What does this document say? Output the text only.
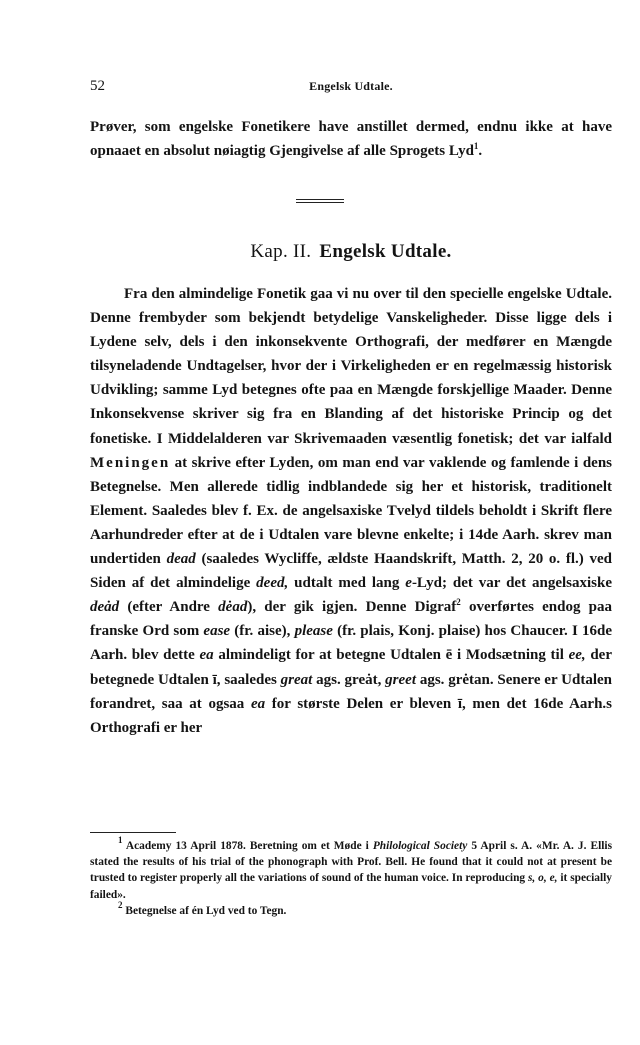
52	Engelsk Udtale.

Prøver, som engelske Fonetikere have anstillet dermed, endnu ikke at have opnaaet en absolut nøiagtig Gjengivelse af alle Sprogets Lyd$^1$.

Kap. II. Engelsk Udtale.

Fra den almindelige Fonetik gaa vi nu over til den specielle engelske Udtale. Denne frembyder som bekjendt betydelige Vanskeligheder. Disse ligge dels i Lydene selv, dels i den inkonsekvente Orthografi, der medfører en Mængde tilsyneladende Undtagelser, hvor der i Virkeligheden er en regelmæssig historisk Udvikling; samme Lyd betegnes ofte paa en Mængde forskjellige Maader. Denne Inkonsekvense skriver sig fra en Blanding af det historiske Princip og det fonetiske. I Middelalderen var Skrivemaaden væsentlig fonetisk; det var ialfald Meningen at skrive efter Lyden, om man end var vaklende og famlende i dens Betegnelse. Men allerede tidlig indblandede sig her et historisk, traditionelt Element. Saaledes blev f. Ex. de angelsaxiske Tvelyd tildels beholdt i Skrift flere Aarhundreder efter at de i Udtalen vare blevne enkelte; i 14de Aarh. skrev man undertiden dead (saaledes Wycliffe, ældste Haandskrift, Matth. 2, 20 o. fl.) ved Siden af det almindelige deed, udtalt med lang e-Lyd; det var det angelsaxiske deȧd (efter Andre dėad), der gik igjen. Denne Digraf$^2$ overførtes endog paa franske Ord som ease (fr. aise), please (fr. plais, Konj. plaise) hos Chaucer. I 16de Aarh. blev dette ea almindeligt for at betegne Udtalen ē i Modsætning til ee, der betegnede Udtalen ī, saaledes great ags. greȧt, greet ags. grėtan. Senere er Udtalen forandret, saa at ogsaa ea for største Delen er bleven ī, men det 16de Aarh.s Orthografi er her

$^1$ Academy 13 April 1878. Beretning om et Møde i Philological Society 5 April s. A. «Mr. A. J. Ellis stated the results of his trial of the phonograph with Prof. Bell. He found that it could not at present be trusted to register properly all the variations of sound of the human voice. In reproducing s, o, e, it specially failed».

$^2$ Betegnelse af én Lyd ved to Tegn.
